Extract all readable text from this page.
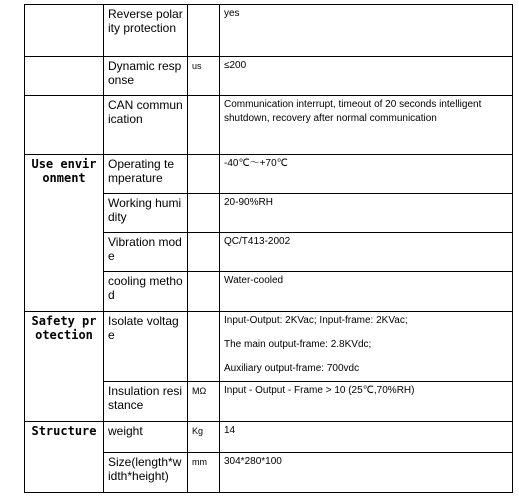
	Reverse polarity protection		yes
	Dynamic response	us	≤200
	CAN communication		Communication interrupt, timeout of 20 seconds intelligent shutdown, recovery after normal communication
Use environment	Operating temperature		-40℃～+70℃
	Working humidity		20-90%RH
	Vibration mode		QC/T413-2002
	cooling method		Water-cooled
Safety protection	Isolate voltage		Input-Output: 2KVac; Input-frame: 2KVac;
The main output-frame: 2.8KVdc;
Auxiliary output-frame: 700vdc

	Insulation resistance	MΩ	Input - Output - Frame > 10 (25℃,70%RH)
Structure	weight	Kg	14
	Size(length*width*height)	mm	304*280*100
